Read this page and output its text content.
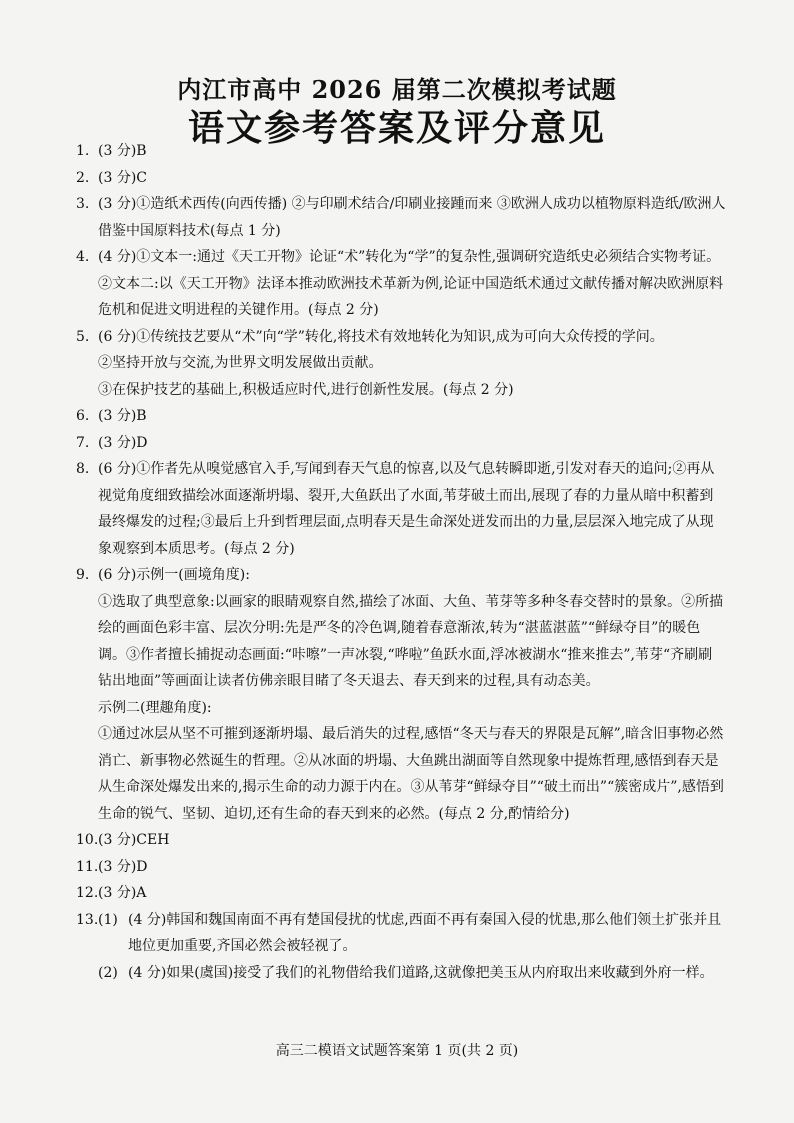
内江市高中 2026 届第二次模拟考试题
语文参考答案及评分意见
1. (3 分)B
2. (3 分)C
3. (3 分)①造纸术西传(向西传播) ②与印刷术结合/印刷业接踵而来 ③欧洲人成功以植物原料造纸/欧洲人借鉴中国原料技术(每点 1 分)
4. (4 分)①文本一:通过《天工开物》论证“术”转化为“学”的复杂性,强调研究造纸史必须结合实物考证。
②文本二:以《天工开物》法译本推动欧洲技术革新为例,论证中国造纸术通过文献传播对解决欧洲原料危机和促进文明进程的关键作用。(每点 2 分)
5. (6 分)①传统技艺要从“术”向“学”转化,将技术有效地转化为知识,成为可向大众传授的学问。
②坚持开放与交流,为世界文明发展做出贡献。
③在保护技艺的基础上,积极适应时代,进行创新性发展。(每点 2 分)
6. (3 分)B
7. (3 分)D
8. (6 分)①作者先从嗅觉感官入手,写闻到春天气息的惊喜,以及气息转瞬即逝,引发对春天的追问;②再从视觉角度细致描绘冰面逐渐坍塌、裂开,大鱼跃出了水面,苇芽破土而出,展现了春的力量从暗中积蓄到最终爆发的过程;③最后上升到哲理层面,点明春天是生命深处迸发而出的力量,层层深入地完成了从现象观察到本质思考。(每点 2 分)
9. (6 分)示例一(画境角度):
①选取了典型意象:以画家的眼睛观察自然,描绘了冰面、大鱼、苇芽等多种冬春交替时的景象。②所描绘的画面色彩丰富、层次分明:先是严冬的冷色调,随着春意渐浓,转为“湛蓝湛蓝”“鲜绿夺目”的暖色调。③作者擅长捕捉动态画面:“咔嚓”一声冰裂,“哗啦”鱼跃水面,浮冰被湖水“推来推去”,苇芽“齐刷刷钻出地面”等画面让读者仿佛亲眼目睹了冬天退去、春天到来的过程,具有动态美。
示例二(理趣角度):
①通过冰层从坚不可摧到逐渐坍塌、最后消失的过程,感悟“冬天与春天的界限是瓦解”,暗含旧事物必然消亡、新事物必然诞生的哲理。②从冰面的坍塌、大鱼跳出湖面等自然现象中提炼哲理,感悟到春天是从生命深处爆发出来的,揭示生命的动力源于内在。③从苇芽“鲜绿夺目”“破土而出”“簇密成片”,感悟到生命的锐气、坚韧、迫切,还有生命的春天到来的必然。(每点 2 分,酌情给分)
10. (3 分)CEH
11. (3 分)D
12. (3 分)A
13. (1) (4 分)韩国和魏国南面不再有楚国侵扰的忧虑,西面不再有秦国入侵的忧患,那么他们领土扩张并且地位更加重要,齐国必然会被轻视了。
(2) (4 分)如果(虞国)接受了我们的礼物借给我们道路,这就像把美玉从内府取出来收藏到外府一样。
高三二模语文试题答案第 1 页(共 2 页)
